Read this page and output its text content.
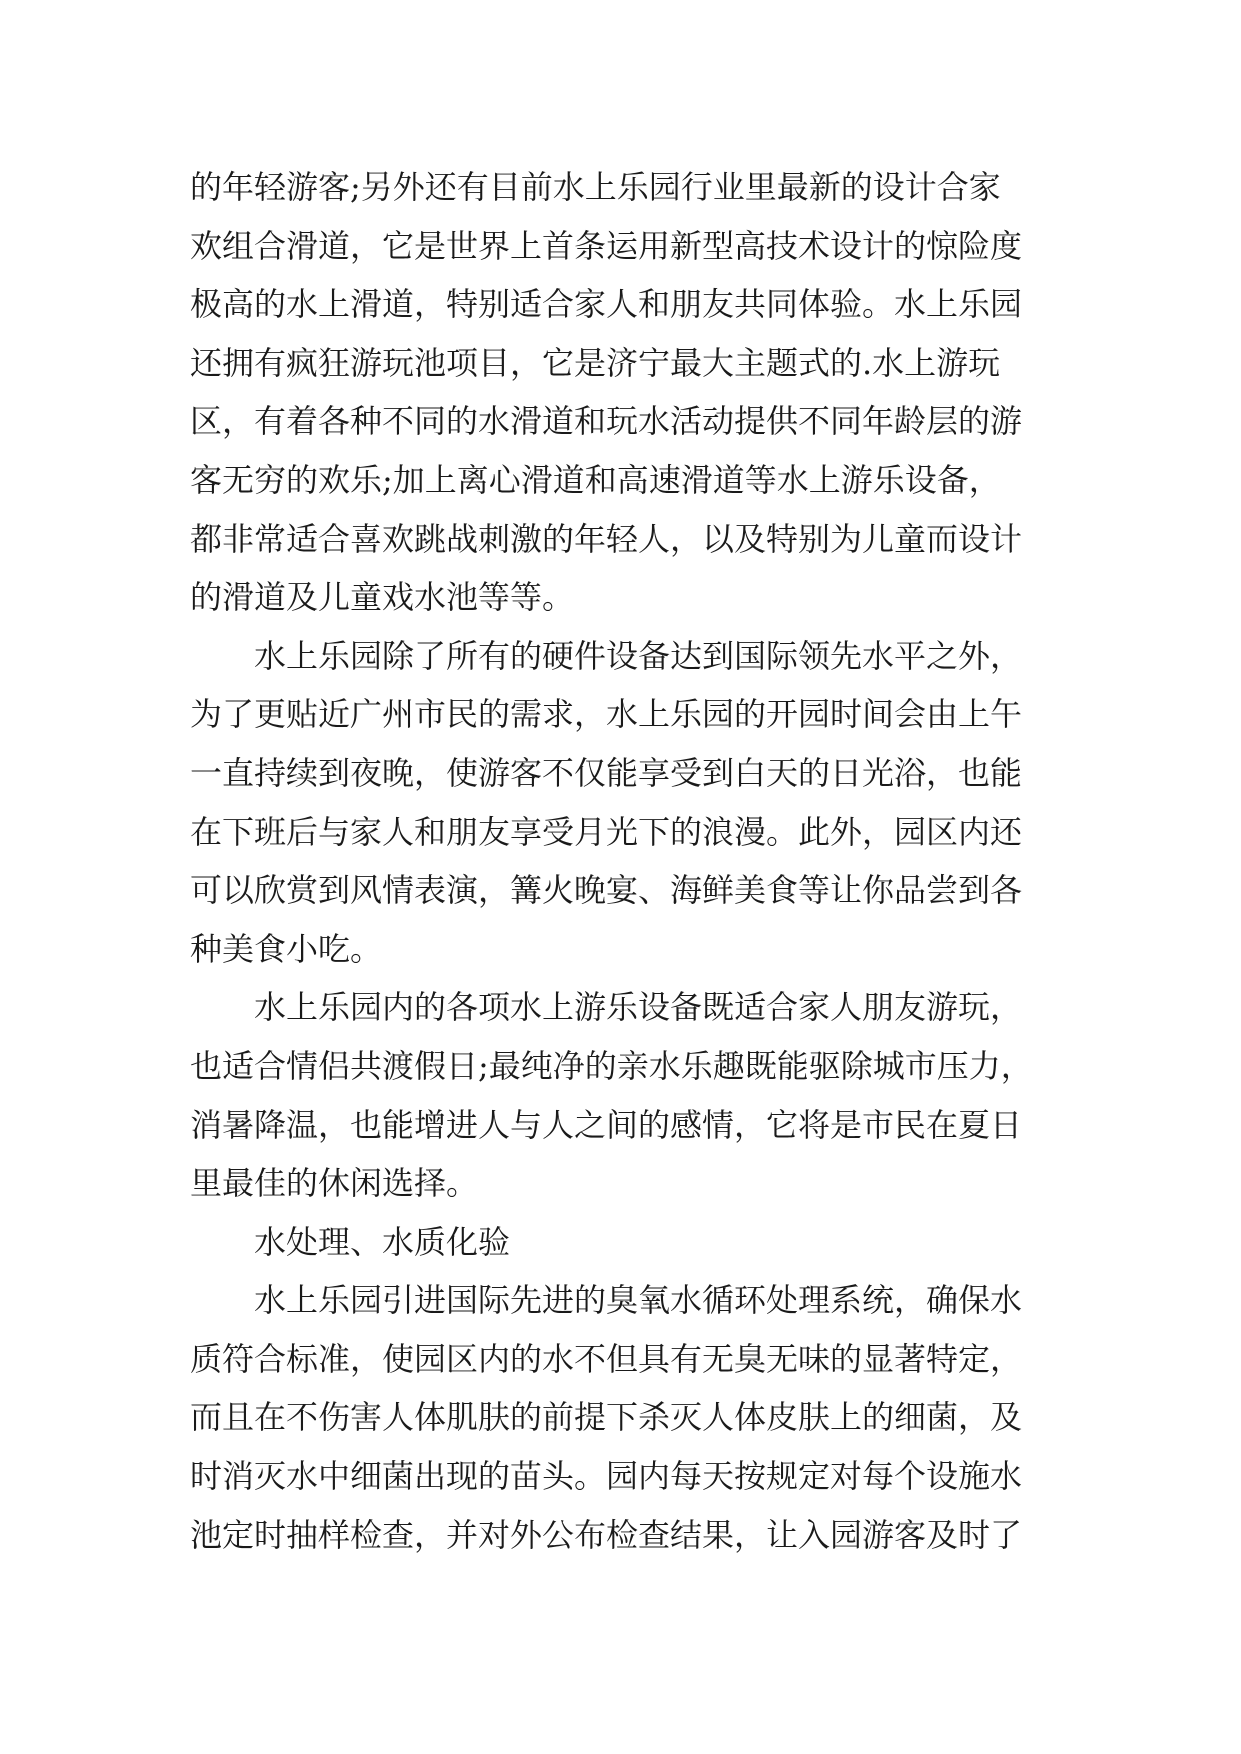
的年轻游客;另外还有目前水上乐园行业里最新的设计合家
欢组合滑道，它是世界上首条运用新型高技术设计的惊险度
极高的水上滑道，特别适合家人和朋友共同体验。水上乐园
还拥有疯狂游玩池项目，它是济宁最大主题式的.水上游玩
区，有着各种不同的水滑道和玩水活动提供不同年龄层的游
客无穷的欢乐;加上离心滑道和高速滑道等水上游乐设备，
都非常适合喜欢跳战刺激的年轻人，以及特别为儿童而设计
的滑道及儿童戏水池等等。
水上乐园除了所有的硬件设备达到国际领先水平之外，
为了更贴近广州市民的需求，水上乐园的开园时间会由上午
一直持续到夜晚，使游客不仅能享受到白天的日光浴，也能
在下班后与家人和朋友享受月光下的浪漫。此外，园区内还
可以欣赏到风情表演，篝火晚宴、海鲜美食等让你品尝到各
种美食小吃。
水上乐园内的各项水上游乐设备既适合家人朋友游玩，
也适合情侣共渡假日;最纯净的亲水乐趣既能驱除城市压力，
消暑降温，也能增进人与人之间的感情，它将是市民在夏日
里最佳的休闲选择。
水处理、水质化验
水上乐园引进国际先进的臭氧水循环处理系统，确保水
质符合标准，使园区内的水不但具有无臭无味的显著特定，
而且在不伤害人体肌肤的前提下杀灭人体皮肤上的细菌，及
时消灭水中细菌出现的苗头。园内每天按规定对每个设施水
池定时抽样检查，并对外公布检查结果，让入园游客及时了
